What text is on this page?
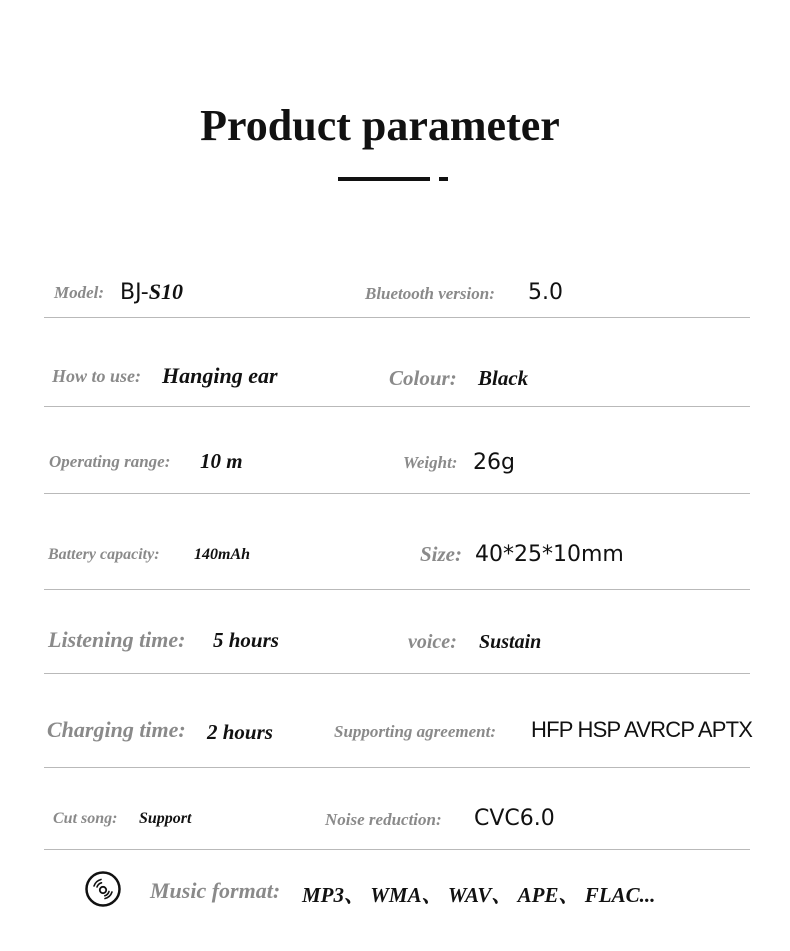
Product parameter
Model: BJ-S10	Bluetooth version: 5.0
How to use: Hanging ear	Colour: Black
Operating range: 10 m	Weight: 26g
Battery capacity: 140mAh	Size: 40*25*10mm
Listening time: 5 hours	voice: Sustain
Charging time: 2 hours	Supporting agreement: HFP HSP AVRCP APTX
Cut song: Support	Noise reduction: CVC6.0
Music format: MP3、 WMA、 WAV、 APE、 FLAC...
